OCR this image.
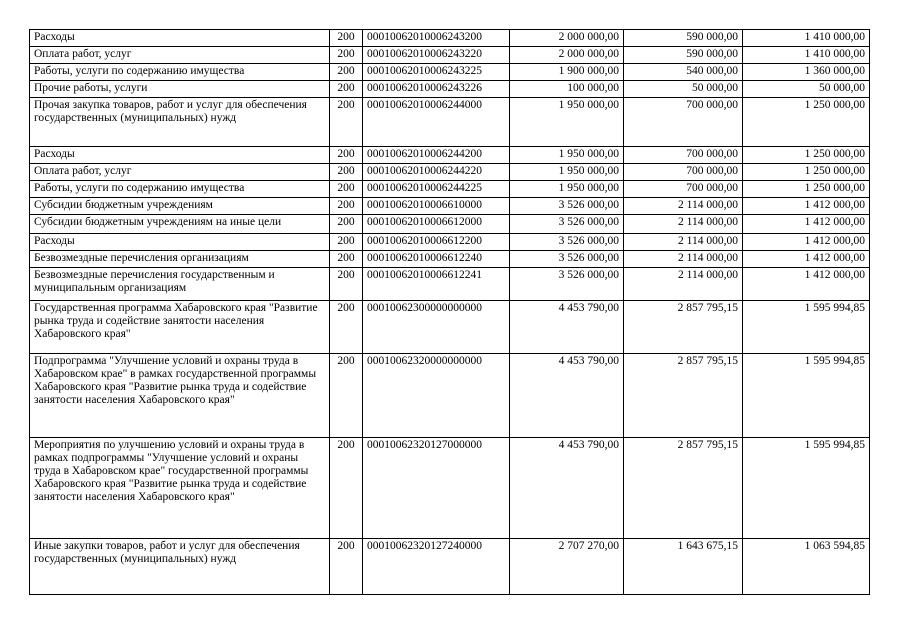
Расходы	200	00010062010006243200	2 000 000,00	590 000,00	1 410 000,00
Оплата работ, услуг	200	00010062010006243220	2 000 000,00	590 000,00	1 410 000,00
Работы, услуги по содержанию имущества	200	00010062010006243225	1 900 000,00	540 000,00	1 360 000,00
Прочие работы, услуги	200	00010062010006243226	100 000,00	50 000,00	50 000,00
Прочая закупка товаров, работ и услуг для обеспечения государственных (муниципальных) нужд	200	00010062010006244000	1 950 000,00	700 000,00	1 250 000,00
Расходы	200	00010062010006244200	1 950 000,00	700 000,00	1 250 000,00
Оплата работ, услуг	200	00010062010006244220	1 950 000,00	700 000,00	1 250 000,00
Работы, услуги по содержанию имущества	200	00010062010006244225	1 950 000,00	700 000,00	1 250 000,00
Субсидии бюджетным учреждениям	200	00010062010006610000	3 526 000,00	2 114 000,00	1 412 000,00
Субсидии бюджетным учреждениям на иные цели	200	00010062010006612000	3 526 000,00	2 114 000,00	1 412 000,00
Расходы	200	00010062010006612200	3 526 000,00	2 114 000,00	1 412 000,00
Безвозмездные перечисления организациям	200	00010062010006612240	3 526 000,00	2 114 000,00	1 412 000,00
Безвозмездные перечисления государственным и муниципальным организациям	200	00010062010006612241	3 526 000,00	2 114 000,00	1 412 000,00
Государственная программа Хабаровского края "Развитие рынка труда и содействие занятости населения Хабаровского края"	200	00010062300000000000	4 453 790,00	2 857 795,15	1 595 994,85
Подпрограмма "Улучшение условий и охраны труда в Хабаровском крае" в рамках государственной программы Хабаровского края "Развитие рынка труда и содействие занятости населения Хабаровского края"	200	00010062320000000000	4 453 790,00	2 857 795,15	1 595 994,85
Мероприятия по улучшению условий и охраны труда в рамках подпрограммы "Улучшение условий и охраны труда в Хабаровском крае" государственной программы Хабаровского края "Развитие рынка труда и содействие занятости населения Хабаровского края"	200	00010062320127000000	4 453 790,00	2 857 795,15	1 595 994,85
Иные закупки товаров, работ и услуг для обеспечения государственных (муниципальных) нужд	200	00010062320127240000	2 707 270,00	1 643 675,15	1 063 594,85
